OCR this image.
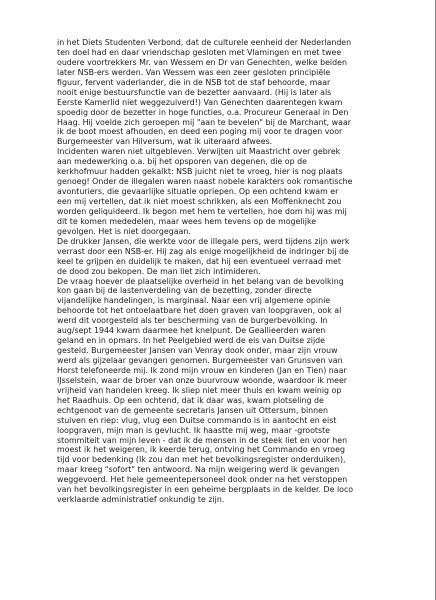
in het Diets Studenten Verbond, dat de culturele eenheid der Nederlanden
ten doel had en daar vriendschap gesloten met Vlamingen en met twee
oudere voortrekkers Mr. van Wessem en Dr van Genechten, welke beiden
later NSB-ers werden. Van Wessem was een zeer gesloten principiële
figuur, fervent vaderlander, die in de NSB tot de staf behoorde, maar
nooit enige bestuursfunctie van de bezetter aanvaard. (Hij is later als
Eerste Kamerlid niet weggezuiverd!) Van Genechten daarentegen kwam
spoedig door de bezetter in hoge functies, o.a. Procureur Generaal in Den
Haag. Hij voelde zich geroepen mij "aan te bevelen" bij de Marchant, waar
ik de boot moest afhouden, en deed een poging mij voor te dragen voor
Burgemeester van Hilversum, wat ik uiteraard afwees.
Incidenten waren niet uitgebleven. Verwijten uit Maastricht over gebrek
aan medewerking o.a. bij het opsporen van degenen, die op de
kerkhofmuur hadden gekalkt: NSB juicht niet te vroeg, hier is nog plaats
genoeg! Onder de illegalen waren naast nobele karakters ook romantische
avonturiers, die gevaarlijke situatie opriepen. Op een ochtend kwam er
een mij vertellen, dat ik niet moest schrikken, als een Moffenknecht zou
worden geliquideerd. Ik begon met hem te vertellen, hoe dom hij was mij
dit te komen mededelen, maar wees hem tevens op de mogelijke
gevolgen. Het is niet doorgegaan.
De drukker Jansen, die werkte voor de illegale pers, werd tijdens zijn werk
verrast door een NSB-er. Hij zag als enige mogelijkheid de indringer bij de
keel te grijpen en duidelijk te maken, dat hij een eventueel verraad met
de dood zou bekopen. De man liet zich intimideren.
De vraag hoever de plaatselijke overheid in het belang van de bevolking
kon gaan bij de lastenverdeling van de bezetting, zonder directe
vijandelijke handelingen, is marginaal. Naar een vrij algemene opinie
behoorde tot het ontoelaatbare het doen graven van loopgraven, ook al
werd dit voorgesteld als ter bescherming van de burgerbevolking. In
aug/sept 1944 kwam daarmee het knelpunt. De Geallieerden waren
geland en in opmars. In het Peelgebied werd de eis van Duitse zijde
gesteld. Burgemeester Jansen van Venray dook onder, maar zijn vrouw
werd als gijzelaar gevangen genomen. Burgemeester van Grunsven van
Horst telefoneerde mij. Ik zond mijn vrouw en kinderen (Jan en Tien) naar
IJsselstein, waar de broer van onze buurvrouw woonde, waardoor ik meer
vrijheid van handelen kreeg. Ik sliep niet meer thuis en kwam weinig op
het Raadhuis. Op een ochtend, dat ik daar was, kwam plotseling de
echtgenoot van de gemeente secretaris Jansen uit Ottersum, binnen
stuiven en riep: vlug, vlug een Duitse commando is in aantocht en eist
loopgraven, mijn man is gevlucht. Ik haastte mij weg, maar -grootste
stommiteit van mijn leven - dat ik de mensen in de steek liet en voor hen
moest ik het weigeren, ik keerde terug, ontving het Commando en vroeg
tijd voor bedenking (Ik zou dan met het bevolkingsregister onderduiken),
maar kreeg "sofort" ten antwoord. Na mijn weigering werd ik gevangen
weggevoerd. Het hele gemeentepersoneel dook onder na het verstoppen
van het bevolkingsregister in een geheime bergplaats in de kelder. De loco
verklaarde administratief onkundig te zijn.
